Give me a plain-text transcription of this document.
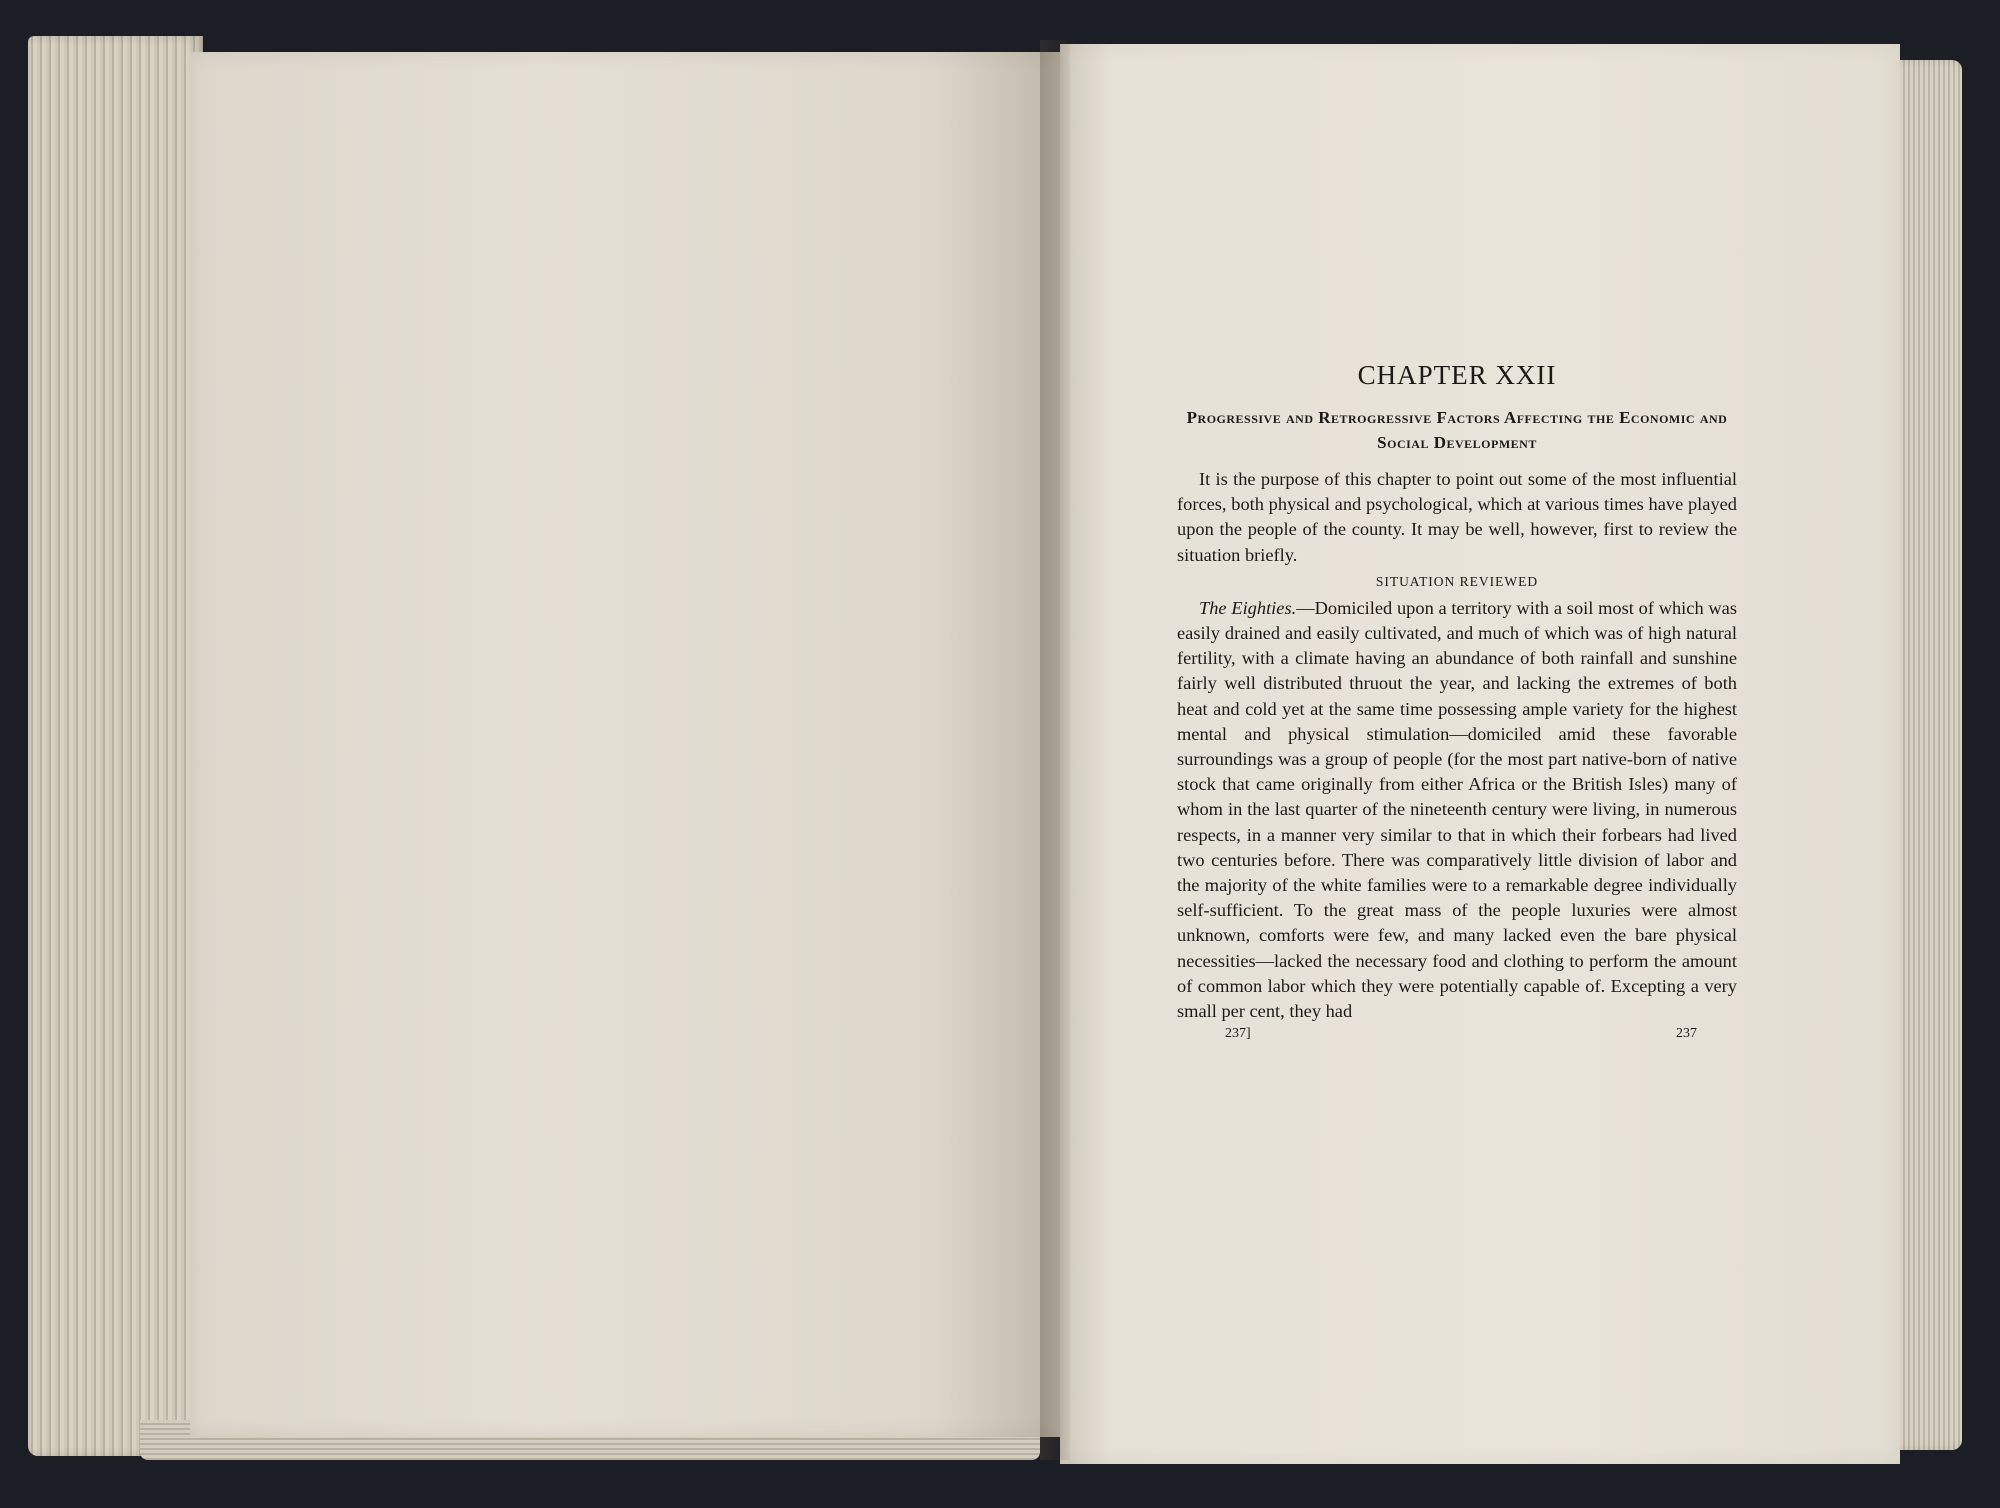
CHAPTER XXII
Progressive and Retrogressive Factors Affecting the Economic and Social Development

It is the purpose of this chapter to point out some of the most influential forces, both physical and psychological, which at various times have played upon the people of the county. It may be well, however, first to review the situation briefly.

SITUATION REVIEWED

The Eighties.—Domiciled upon a territory with a soil most of which was easily drained and easily cultivated, and much of which was of high natural fertility, with a climate having an abundance of both rainfall and sunshine fairly well distributed thruout the year, and lacking the extremes of both heat and cold yet at the same time possessing ample variety for the highest mental and physical stimulation—domiciled amid these favorable surroundings was a group of people (for the most part native-born of native stock that came originally from either Africa or the British Isles) many of whom in the last quarter of the nineteenth century were living, in numerous respects, in a manner very similar to that in which their forbears had lived two centuries before. There was comparatively little division of labor and the majority of the white families were to a remarkable degree individually self-sufficient. To the great mass of the people luxuries were almost unknown, comforts were few, and many lacked even the bare physical necessities—lacked the necessary food and clothing to perform the amount of common labor which they were potentially capable of. Excepting a very small per cent, they had

237]	237
